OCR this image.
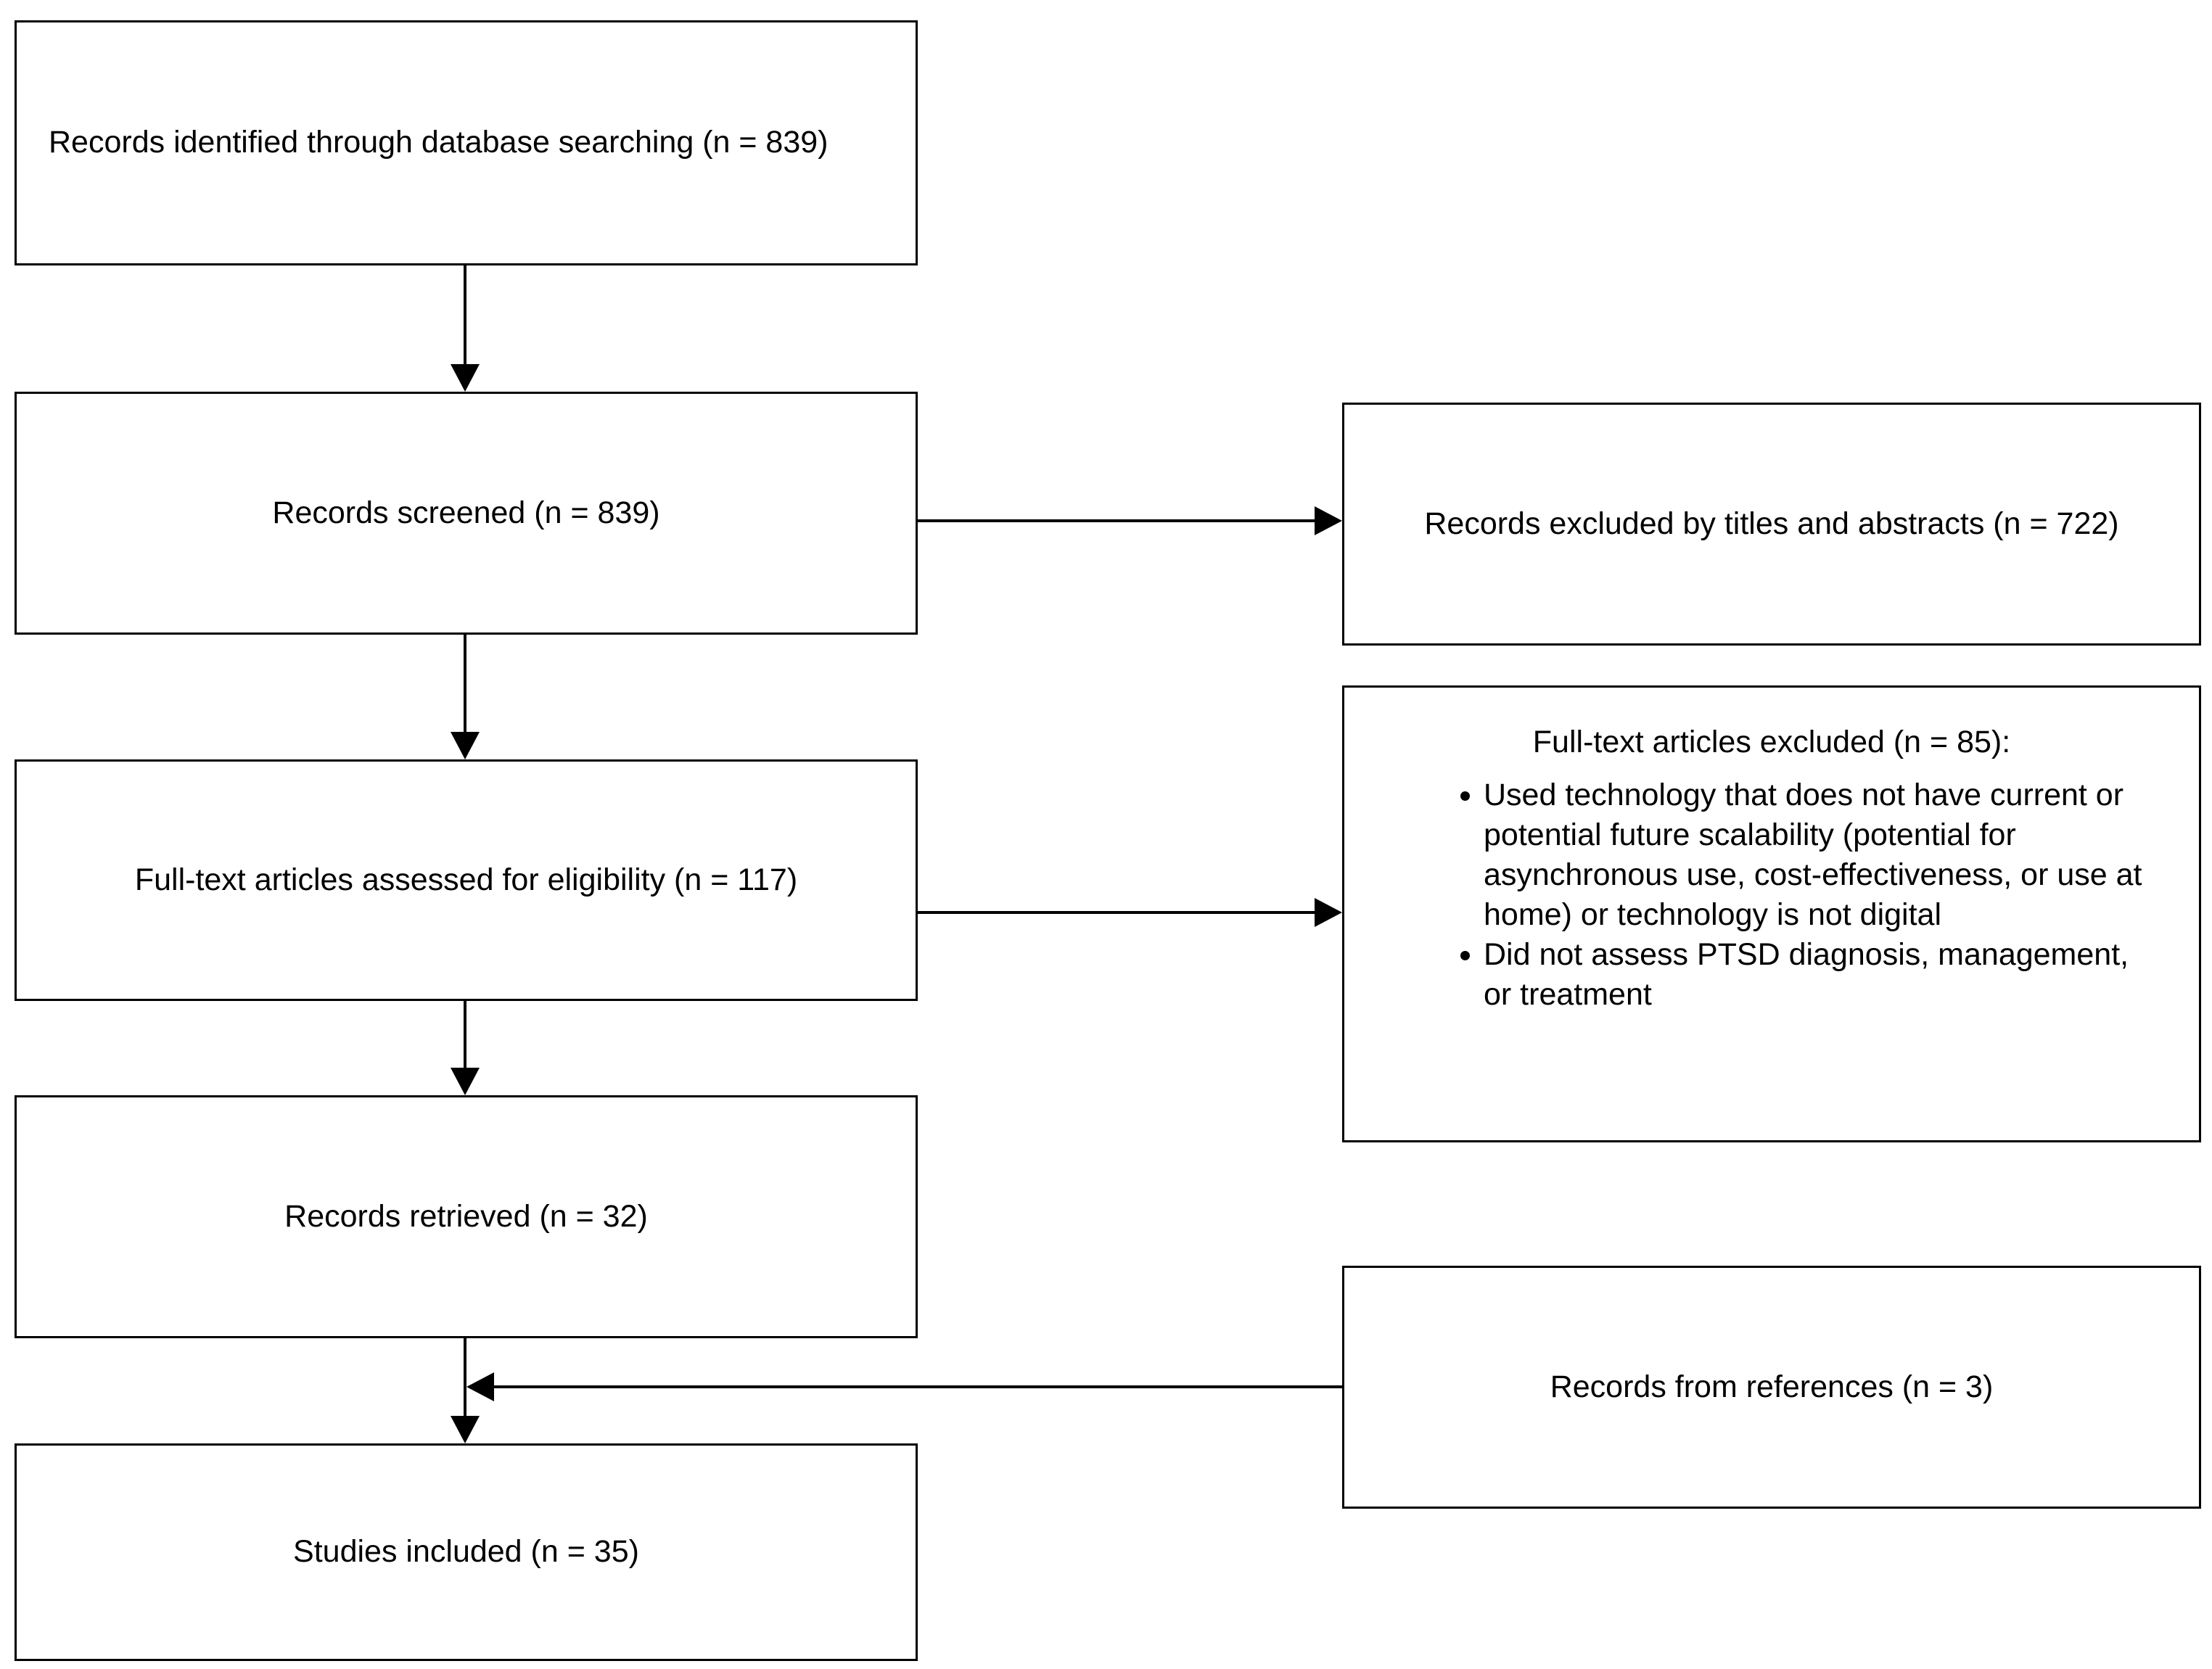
Records identified through database searching (n = 839)
Records screened (n = 839)
Full-text articles assessed for eligibility (n = 117)
Records retrieved (n = 32)
Studies included (n = 35)
Records excluded by titles and abstracts (n = 722)
Full-text articles excluded (n = 85):
• Used technology that does not have current or potential future scalability (potential for asynchronous use, cost-effectiveness, or use at home) or technology is not digital
• Did not assess PTSD diagnosis, management, or treatment
Records from references (n = 3)
